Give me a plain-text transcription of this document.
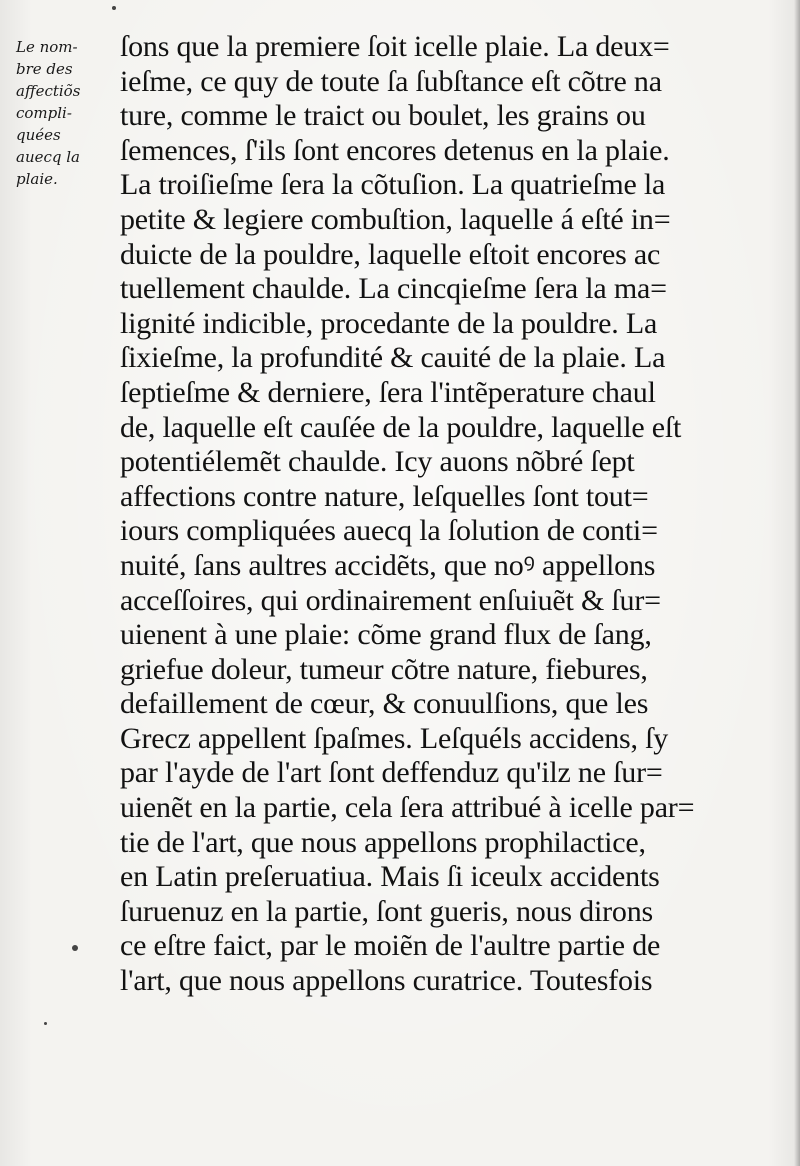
Le nom-
bre des
affectiõs
compli-
quées
auecq la
plaie.
ſons que la premiere ſoit icelle plaie. La deux=
ieſme, ce quy de toute ſa ſubſtance eſt cõtre na
ture, comme le traict ou boulet, les grains ou
ſemences, ſ'ils ſont encores detenus en la plaie.
La troiſieſme ſera la cõtuſion. La quatrieſme la
petite & legiere combuſtion, laquelle á eſté in=
duicte de la pouldre, laquelle eſtoit encores ac
tuellement chaulde. La cincqieſme ſera la ma=
lignité indicible, procedante de la pouldre. La
ſixieſme, la profundité & cauité de la plaie. La
ſeptieſme & derniere, ſera l'intẽperature chaul
de, laquelle eſt cauſée de la pouldre, laquelle eſt
potentiélemẽt chaulde. Icy auons nõbré ſept
affections contre nature, leſquelles ſont tout=
iours compliquées auecq la ſolution de conti=
nuité, ſans aultres accidẽts, que noꝰ appellons
acceſſoires, qui ordinairement enſuiuẽt & ſur=
uienent à une plaie: cõme grand flux de ſang,
griefue doleur, tumeur cõtre nature, fiebures,
defaillement de cœur, & conuulſions, que les
Grecz appellent ſpaſmes. Leſquéls accidens, ſy
par l'ayde de l'art ſont deffenduz qu'ilz ne ſur=
uienẽt en la partie, cela ſera attribué à icelle par=
tie de l'art, que nous appellons prophilactice,
en Latin preſeruatiua. Mais ſi iceulx accidents
ſuruenuz en la partie, ſont gueris, nous dirons
ce eſtre faict, par le moiẽn de l'aultre partie de
l'art, que nous appellons curatrice. Toutesfois
